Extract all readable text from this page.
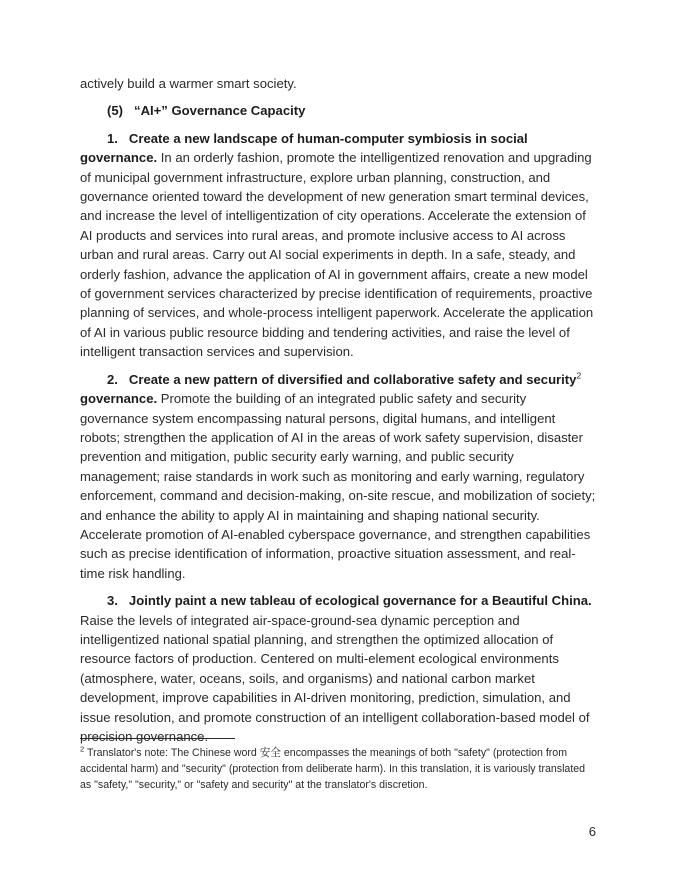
actively build a warmer smart society.

(5) “AI+” Governance Capacity

1. Create a new landscape of human-computer symbiosis in social governance. In an orderly fashion, promote the intelligentized renovation and upgrading of municipal government infrastructure, explore urban planning, construction, and governance oriented toward the development of new generation smart terminal devices, and increase the level of intelligentization of city operations. Accelerate the extension of AI products and services into rural areas, and promote inclusive access to AI across urban and rural areas. Carry out AI social experiments in depth. In a safe, steady, and orderly fashion, advance the application of AI in government affairs, create a new model of government services characterized by precise identification of requirements, proactive planning of services, and whole-process intelligent paperwork. Accelerate the application of AI in various public resource bidding and tendering activities, and raise the level of intelligent transaction services and supervision.

2. Create a new pattern of diversified and collaborative safety and security$^2$ governance. Promote the building of an integrated public safety and security governance system encompassing natural persons, digital humans, and intelligent robots; strengthen the application of AI in the areas of work safety supervision, disaster prevention and mitigation, public security early warning, and public security management; raise standards in work such as monitoring and early warning, regulatory enforcement, command and decision-making, on-site rescue, and mobilization of society; and enhance the ability to apply AI in maintaining and shaping national security. Accelerate promotion of AI-enabled cyberspace governance, and strengthen capabilities such as precise identification of information, proactive situation assessment, and real-time risk handling.

3. Jointly paint a new tableau of ecological governance for a Beautiful China. Raise the levels of integrated air-space-ground-sea dynamic perception and intelligentized national spatial planning, and strengthen the optimized allocation of resource factors of production. Centered on multi-element ecological environments (atmosphere, water, oceans, soils, and organisms) and national carbon market development, improve capabilities in AI-driven monitoring, prediction, simulation, and issue resolution, and promote construction of an intelligent collaboration-based model of precision governance.

$^2$ Translator's note: The Chinese word 安全 encompasses the meanings of both "safety" (protection from accidental harm) and "security" (protection from deliberate harm). In this translation, it is variously translated as "safety," "security," or "safety and security" at the translator's discretion.

6
